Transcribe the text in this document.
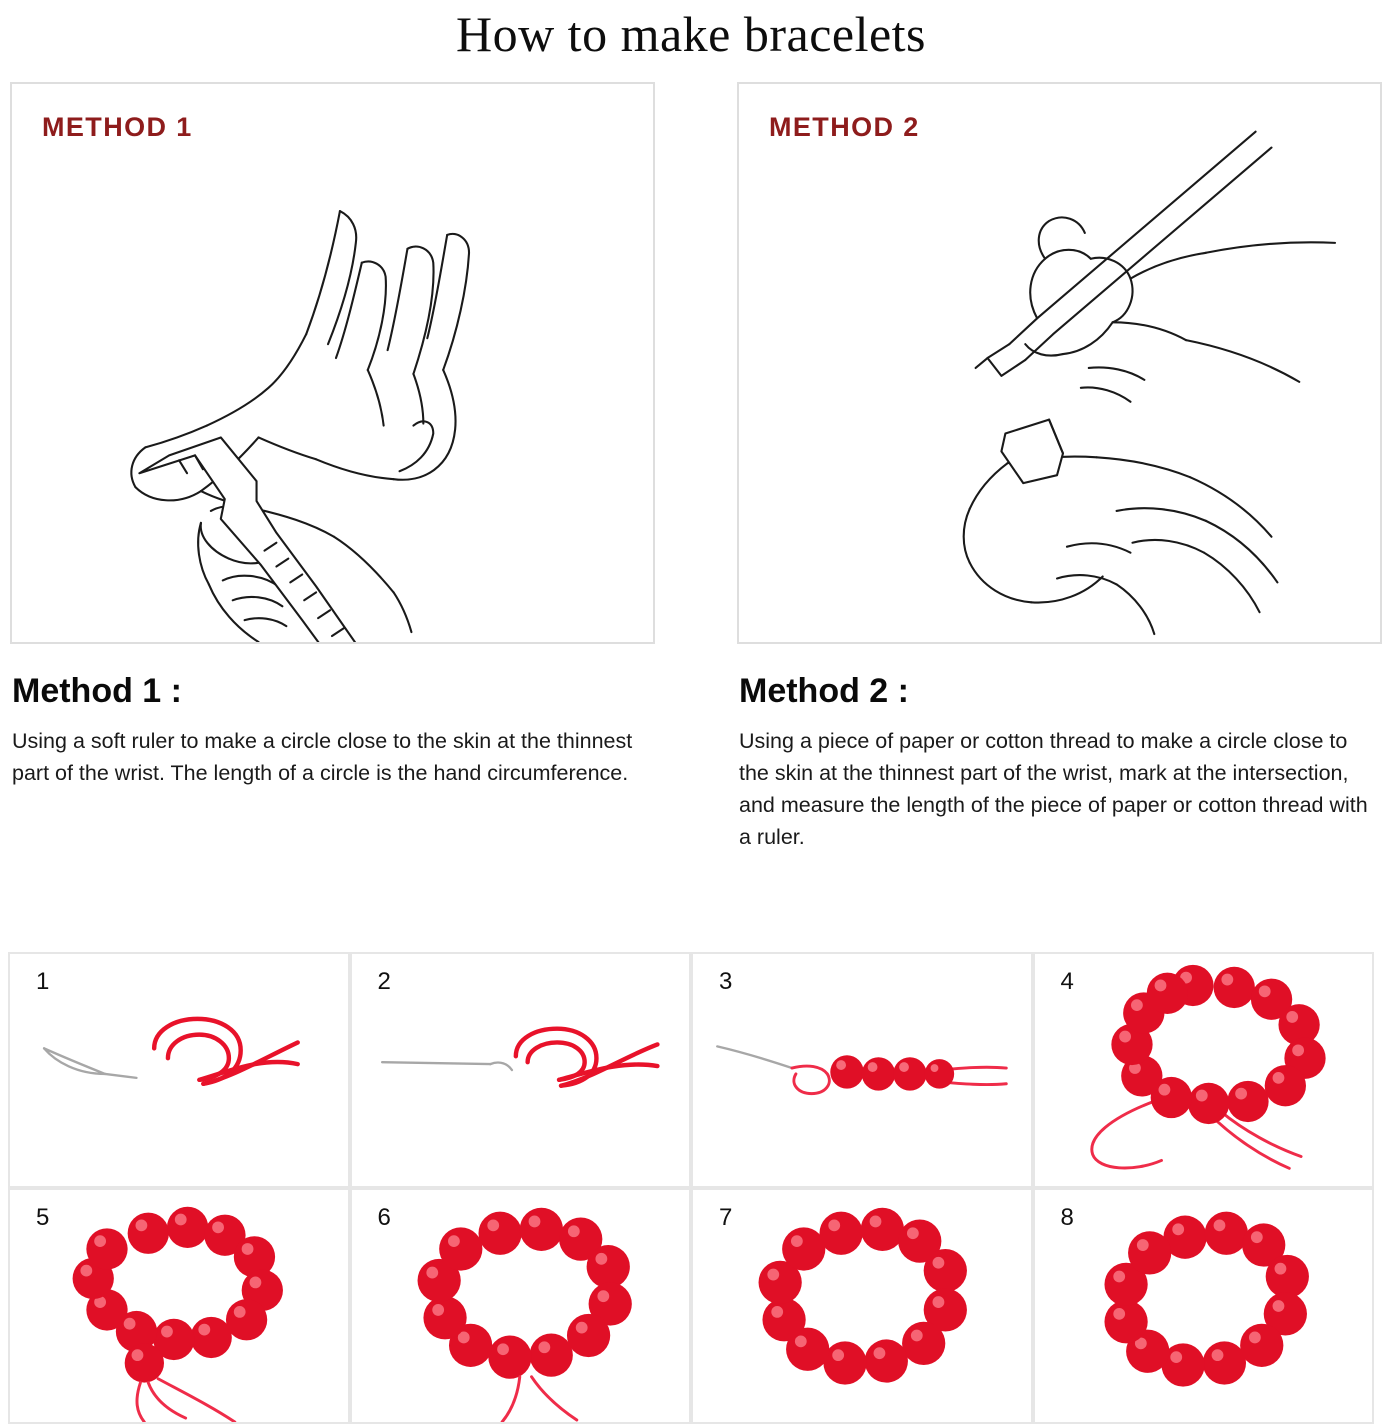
How to make bracelets
METHOD 1
Method 1 :
Using a soft ruler to make a circle close to the skin at the thinnest part of the wrist. The length of a circle is the hand circumference.
METHOD 2
Method 2 :
Using a piece of paper or cotton thread to make a circle close to the skin at the thinnest part of the wrist, mark at the intersection, and measure the length of the piece of paper or cotton thread with a ruler.
1	2	3	4
5	6	7	8
